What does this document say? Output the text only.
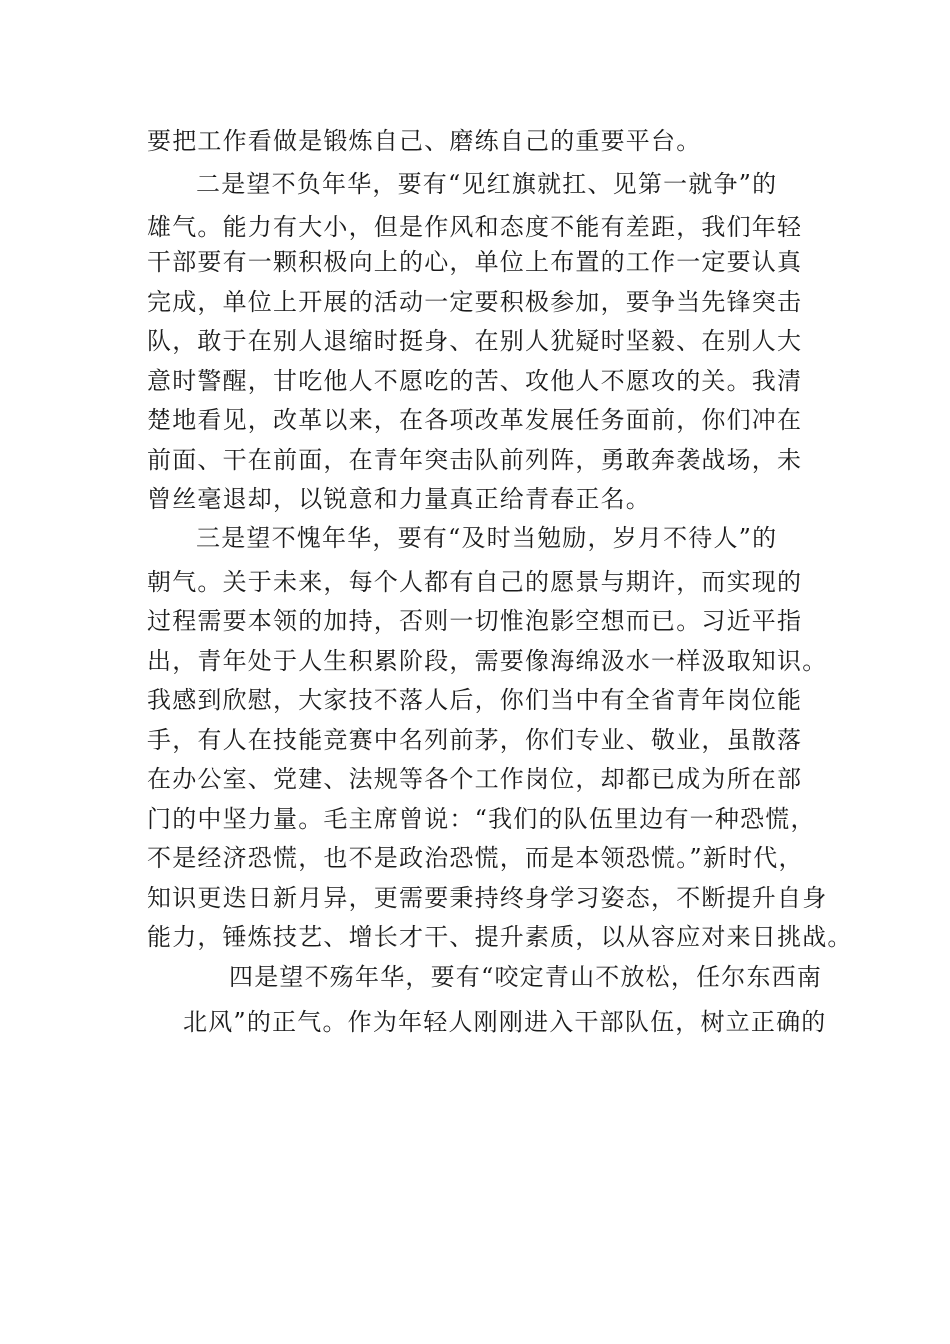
要把工作看做是锻炼自己、磨练自己的重要平台。
二是望不负年华，要有“见红旗就扛、见第一就争”的
雄气。能力有大小，但是作风和态度不能有差距，我们年轻
干部要有一颗积极向上的心，单位上布置的工作一定要认真
完成，单位上开展的活动一定要积极参加，要争当先锋突击
队，敢于在别人退缩时挺身、在别人犹疑时坚毅、在别人大
意时警醒，甘吃他人不愿吃的苦、攻他人不愿攻的关。我清
楚地看见，改革以来，在各项改革发展任务面前，你们冲在
前面、干在前面，在青年突击队前列阵，勇敢奔袭战场，未
曾丝毫退却，以锐意和力量真正给青春正名。
三是望不愧年华，要有“及时当勉励，岁月不待人”的
朝气。关于未来，每个人都有自己的愿景与期许，而实现的
过程需要本领的加持，否则一切惟泡影空想而已。习近平指
出，青年处于人生积累阶段，需要像海绵汲水一样汲取知识。
我感到欣慰，大家技不落人后，你们当中有全省青年岗位能
手，有人在技能竞赛中名列前茅，你们专业、敬业，虽散落
在办公室、党建、法规等各个工作岗位，却都已成为所在部
门的中坚力量。毛主席曾说：“我们的队伍里边有一种恐慌，
不是经济恐慌，也不是政治恐慌，而是本领恐慌。”新时代，
知识更迭日新月异，更需要秉持终身学习姿态，不断提升自身
能力，锤炼技艺、增长才干、提升素质，以从容应对来日挑战。
四是望不殇年华，要有“咬定青山不放松，任尔东西南
北风”的正气。作为年轻人刚刚进入干部队伍，树立正确的
